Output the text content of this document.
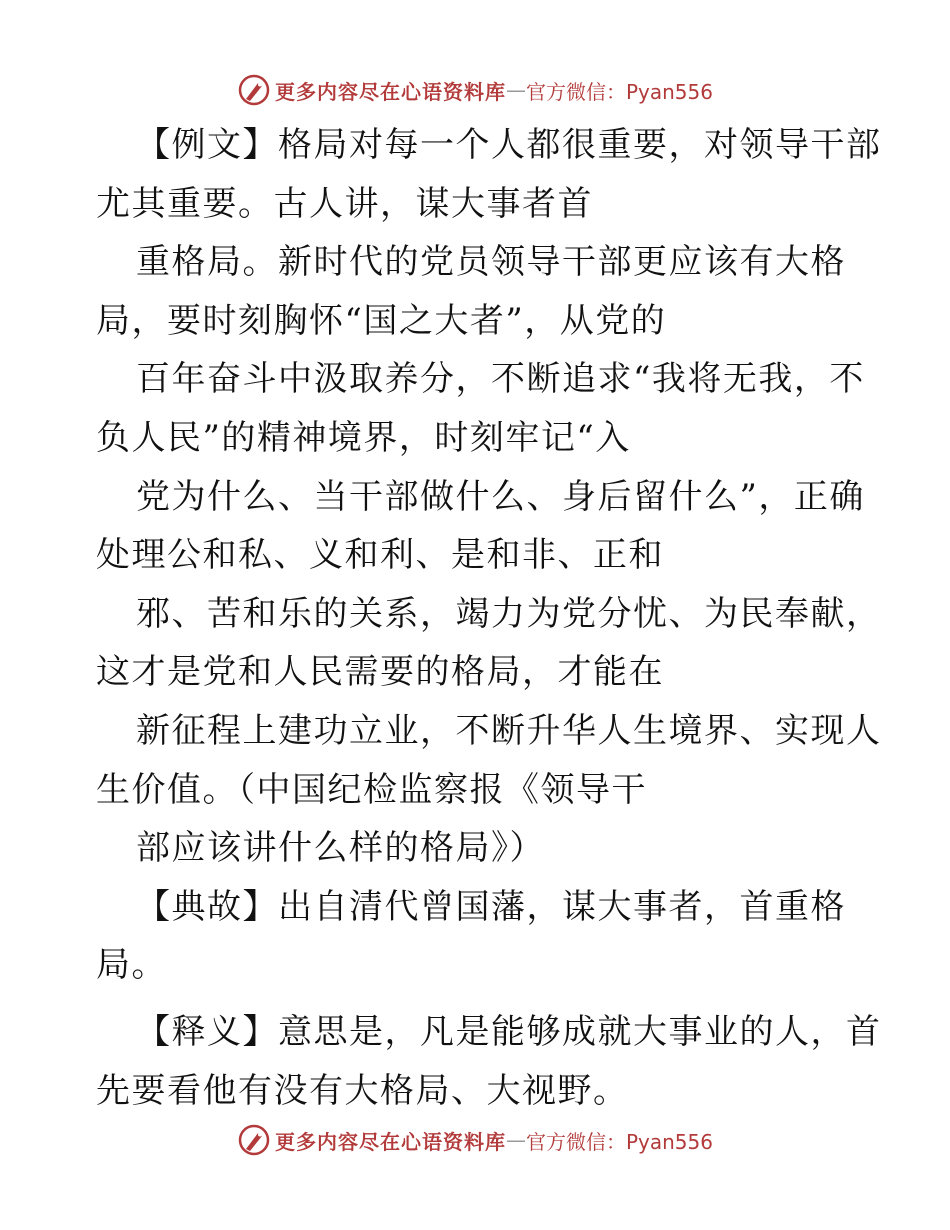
更多内容尽在心语资料库 — 官方微信：Pyan556
【例文】格局对每一个人都很重要，对领导干部
尤其重要。古人讲，谋大事者首
重格局。新时代的党员领导干部更应该有大格
局，要时刻胸怀“国之大者”，从党的
百年奋斗中汲取养分，不断追求“我将无我，不
负人民”的精神境界，时刻牢记“入
党为什么、当干部做什么、身后留什么”，正确
处理公和私、义和利、是和非、正和
邪、苦和乐的关系，竭力为党分忧、为民奉献，
这才是党和人民需要的格局，才能在
新征程上建功立业，不断升华人生境界、实现人
生价值。（中国纪检监察报《领导干
部应该讲什么样的格局》）
【典故】出自清代曾国藩，谋大事者，首重格
局。
【释义】意思是，凡是能够成就大事业的人，首
先要看他有没有大格局、大视野。
更多内容尽在心语资料库 — 官方微信：Pyan556
